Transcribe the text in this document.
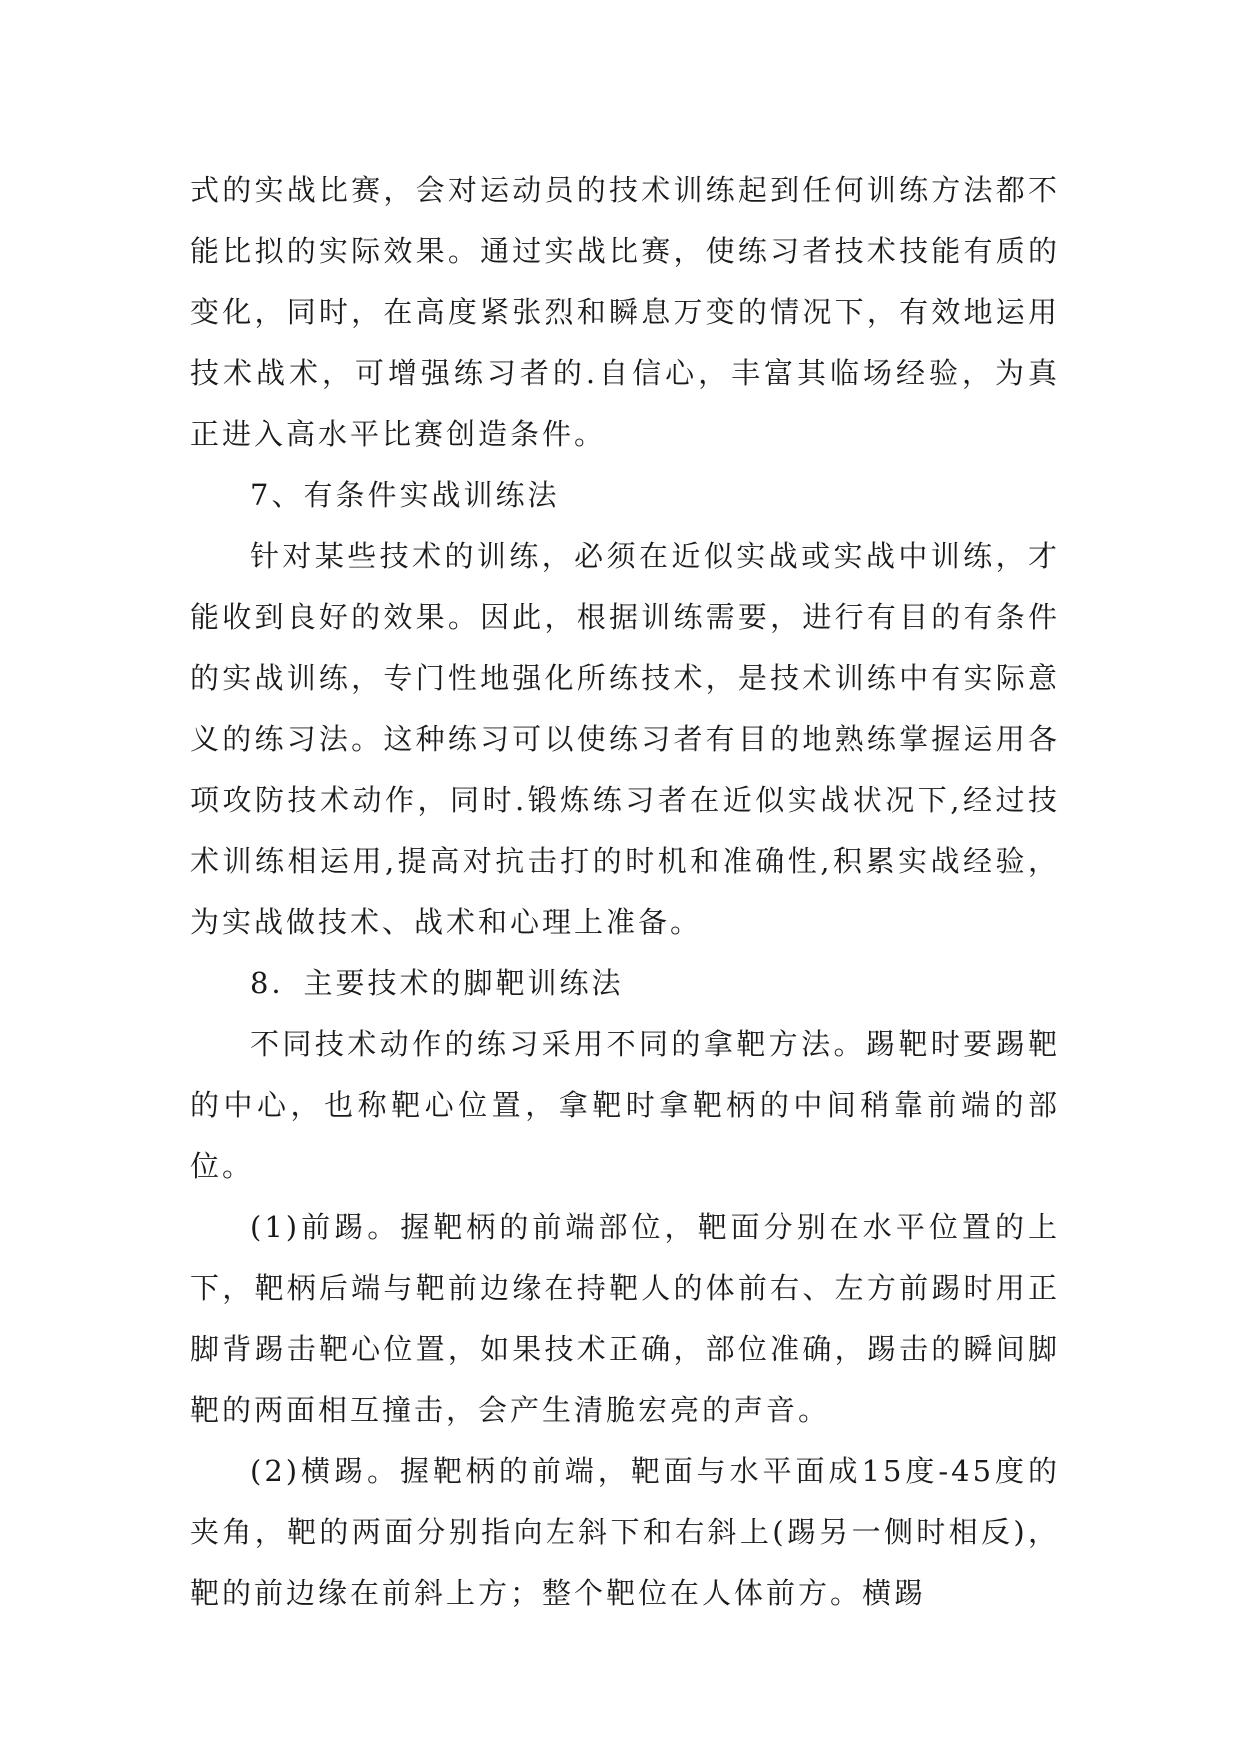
式的实战比赛，会对运动员的技术训练起到任何训练方法都不能比拟的实际效果。通过实战比赛，使练习者技术技能有质的变化，同时，在高度紧张烈和瞬息万变的情况下，有效地运用技术战术，可增强练习者的.自信心，丰富其临场经验，为真正进入高水平比赛创造条件。

7、有条件实战训练法

针对某些技术的训练，必须在近似实战或实战中训练，才能收到良好的效果。因此，根据训练需要，进行有目的有条件的实战训练，专门性地强化所练技术，是技术训练中有实际意义的练习法。这种练习可以使练习者有目的地熟练掌握运用各项攻防技术动作，同时.锻炼练习者在近似实战状况下,经过技术训练相运用,提高对抗击打的时机和准确性,积累实战经验，为实战做技术、战术和心理上准备。

8．主要技术的脚靶训练法

不同技术动作的练习采用不同的拿靶方法。踢靶时要踢靶的中心，也称靶心位置，拿靶时拿靶柄的中间稍靠前端的部位。

(1)前踢。握靶柄的前端部位，靶面分别在水平位置的上下，靶柄后端与靶前边缘在持靶人的体前右、左方前踢时用正脚背踢击靶心位置，如果技术正确，部位准确，踢击的瞬间脚靶的两面相互撞击，会产生清脆宏亮的声音。

(2)横踢。握靶柄的前端，靶面与水平面成15度-45度的夹角，靶的两面分别指向左斜下和右斜上(踢另一侧时相反)，靶的前边缘在前斜上方；整个靶位在人体前方。横踢
